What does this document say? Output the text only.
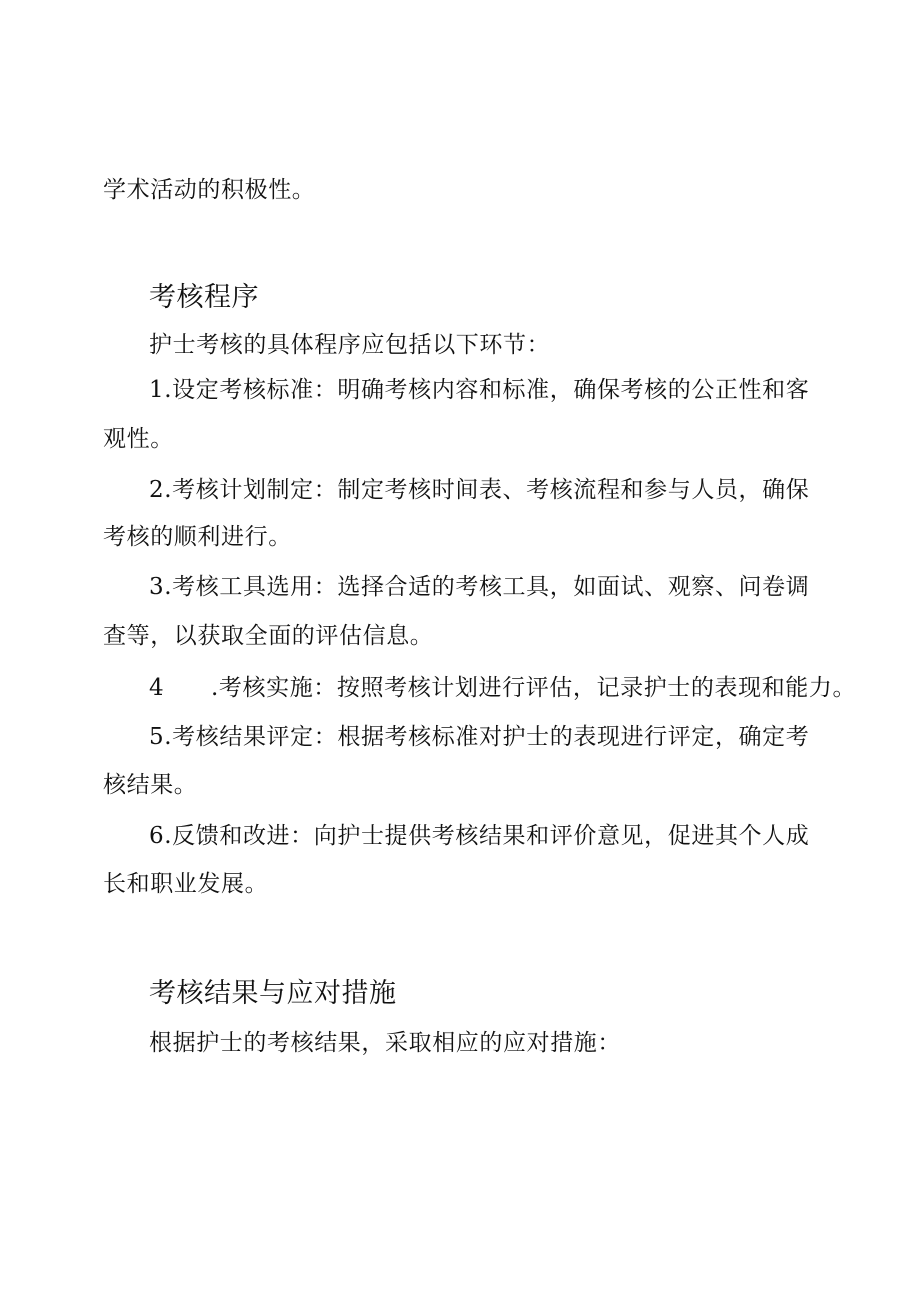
学术活动的积极性。

考核程序

护士考核的具体程序应包括以下环节：

1.设定考核标准：明确考核内容和标准，确保考核的公正性和客

观性。

2.考核计划制定：制定考核时间表、考核流程和参与人员，确保

考核的顺利进行。

3.考核工具选用：选择合适的考核工具，如面试、观察、问卷调

查等，以获取全面的评估信息。

4 .考核实施：按照考核计划进行评估，记录护士的表现和能力。

5.考核结果评定：根据考核标准对护士的表现进行评定，确定考

核结果。

6.反馈和改进：向护士提供考核结果和评价意见，促进其个人成

长和职业发展。

考核结果与应对措施

根据护士的考核结果，采取相应的应对措施：
